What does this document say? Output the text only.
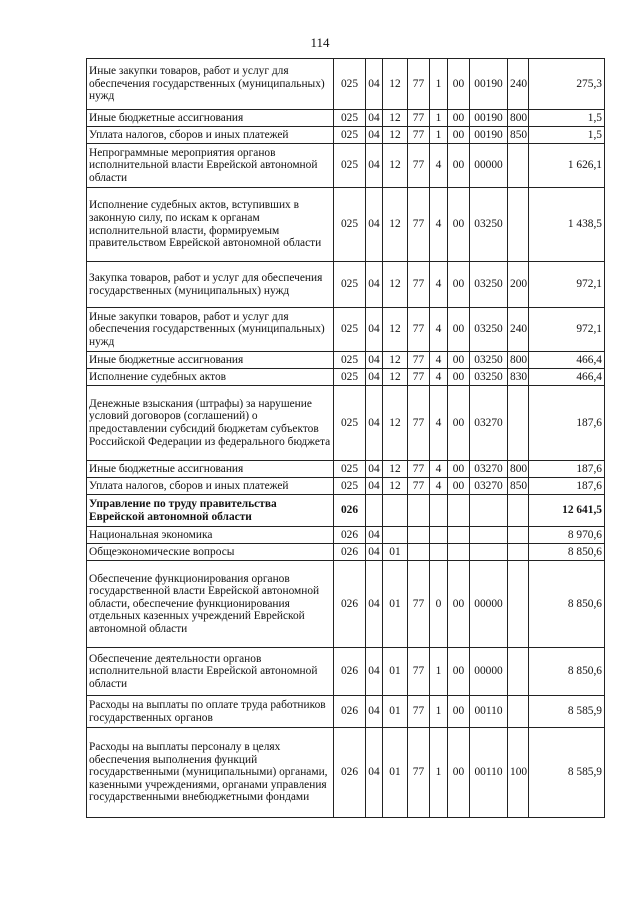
114
Иные закупки товаров, работ и услуг для обеспечения государственных (муниципальных) нужд	025	04	12	77	1	00	00190	240	275,3
Иные бюджетные ассигнования	025	04	12	77	1	00	00190	800	1,5
Уплата налогов, сборов и иных платежей	025	04	12	77	1	00	00190	850	1,5
Непрограммные мероприятия органов исполнительной власти Еврейской автономной области	025	04	12	77	4	00	00000		1 626,1
Исполнение судебных актов, вступивших в законную силу, по искам к органам исполнительной власти, формируемым правительством Еврейской автономной области	025	04	12	77	4	00	03250		1 438,5
Закупка товаров, работ и услуг для обеспечения государственных (муниципальных) нужд	025	04	12	77	4	00	03250	200	972,1
Иные закупки товаров, работ и услуг для обеспечения государственных (муниципальных) нужд	025	04	12	77	4	00	03250	240	972,1
Иные бюджетные ассигнования	025	04	12	77	4	00	03250	800	466,4
Исполнение судебных актов	025	04	12	77	4	00	03250	830	466,4
Денежные взыскания (штрафы) за нарушение условий договоров (соглашений) о предоставлении субсидий бюджетам субъектов Российской Федерации из федерального бюджета	025	04	12	77	4	00	03270		187,6
Иные бюджетные ассигнования	025	04	12	77	4	00	03270	800	187,6
Уплата налогов, сборов и иных платежей	025	04	12	77	4	00	03270	850	187,6
Управление по труду правительства Еврейской автономной области	026								12 641,5
Национальная экономика	026	04							8 970,6
Общеэкономические вопросы	026	04	01						8 850,6
Обеспечение функционирования органов государственной власти Еврейской автономной области, обеспечение функционирования отдельных казенных учреждений Еврейской автономной области	026	04	01	77	0	00	00000		8 850,6
Обеспечение деятельности органов исполнительной власти Еврейской автономной области	026	04	01	77	1	00	00000		8 850,6
Расходы на выплаты по оплате труда работников государственных органов	026	04	01	77	1	00	00110		8 585,9
Расходы на выплаты персоналу в целях обеспечения выполнения функций государственными (муниципальными) органами, казенными учреждениями, органами управления государственными внебюджетными фондами	026	04	01	77	1	00	00110	100	8 585,9
